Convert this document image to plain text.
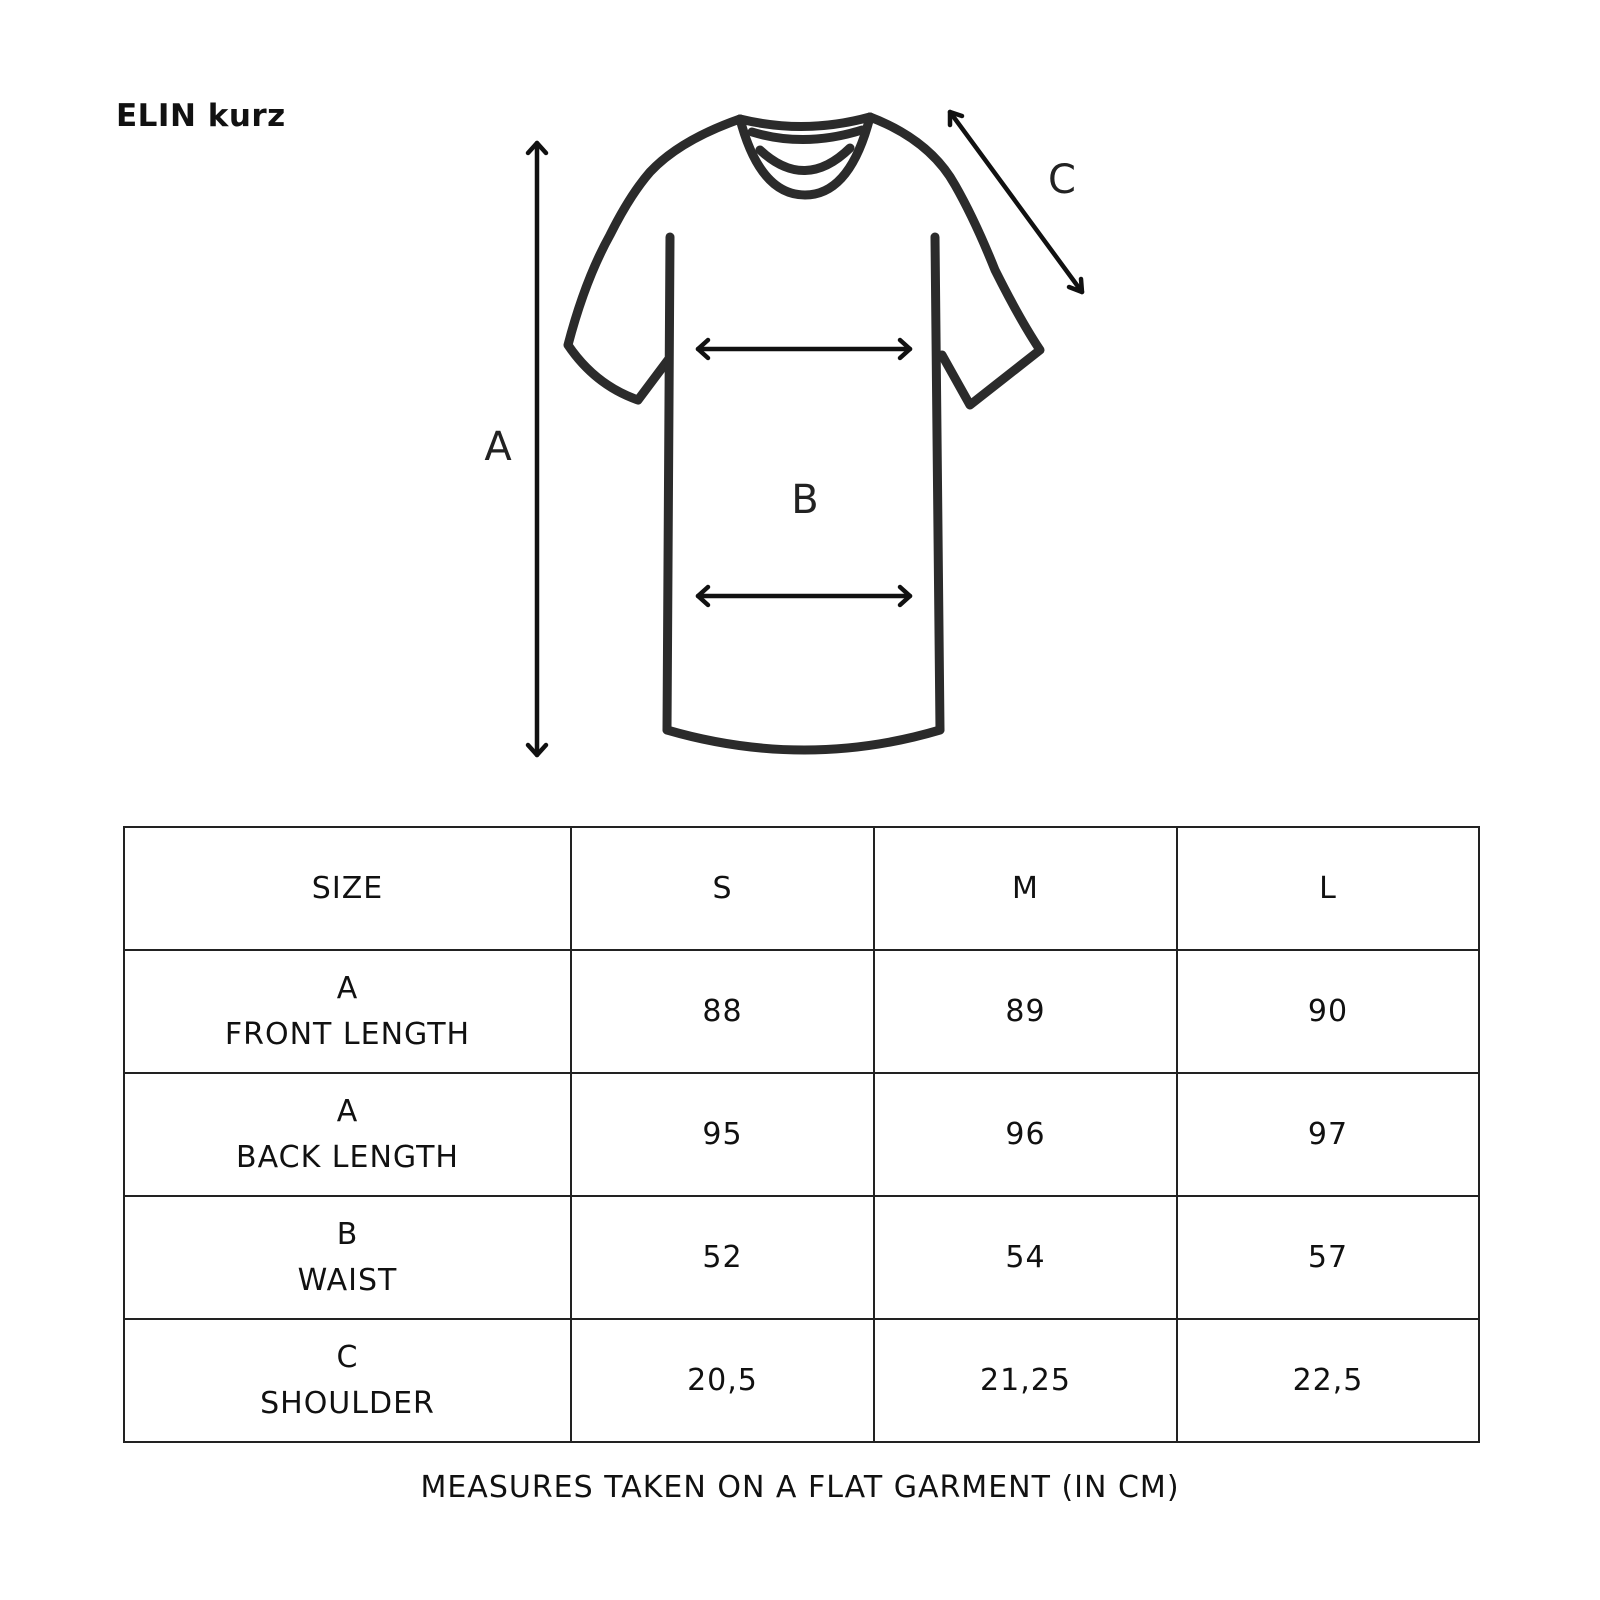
ELIN kurz
A
B
C
SIZE	S	M	L

A
FRONT LENGTH	88	89	90

A
BACK LENGTH	95	96	97

B
WAIST	52	54	57

C
SHOULDER	20,5	21,25	22,5
MEASURES TAKEN ON A FLAT GARMENT (IN CM)
